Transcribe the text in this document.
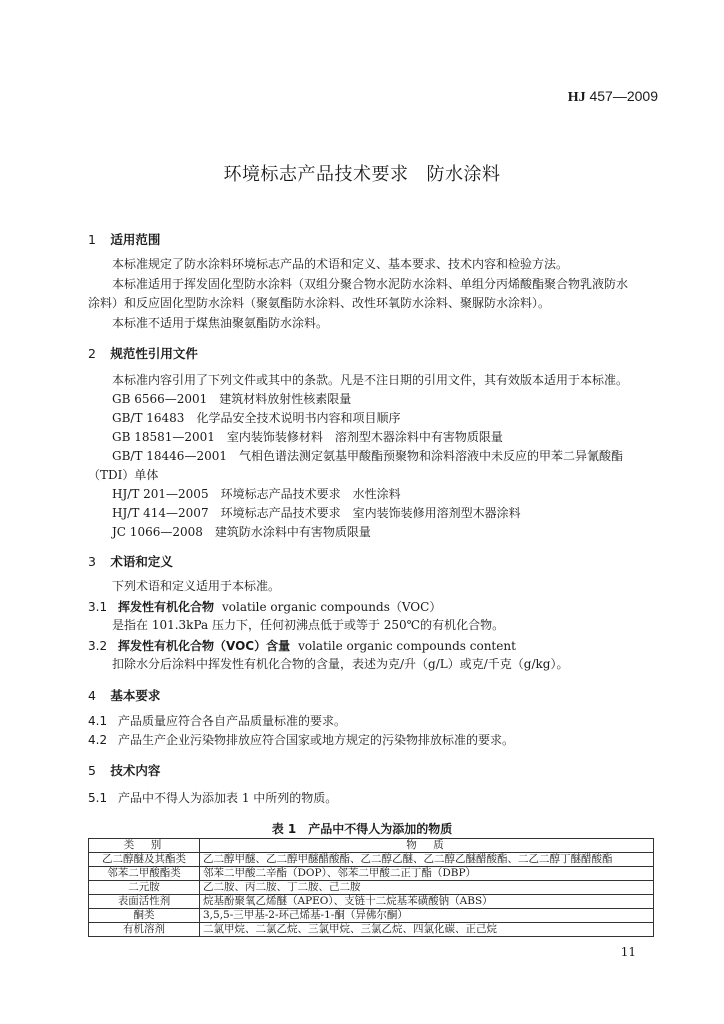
HJ 457—2009
环境标志产品技术要求 防水涂料
1 适用范围
本标准规定了防水涂料环境标志产品的术语和定义、基本要求、技术内容和检验方法。
本标准适用于挥发固化型防水涂料（双组分聚合物水泥防水涂料、单组分丙烯酸酯聚合物乳液防水
涂料）和反应固化型防水涂料（聚氨酯防水涂料、改性环氧防水涂料、聚脲防水涂料）。
本标准不适用于煤焦油聚氨酯防水涂料。
2 规范性引用文件
本标准内容引用了下列文件或其中的条款。凡是不注日期的引用文件，其有效版本适用于本标准。
GB 6566—2001　建筑材料放射性核素限量
GB/T 16483　化学品安全技术说明书内容和项目顺序
GB 18581—2001　室内装饰装修材料　溶剂型木器涂料中有害物质限量
GB/T 18446—2001　气相色谱法测定氨基甲酸酯预聚物和涂料溶液中未反应的甲苯二异氰酸酯
（TDI）单体
HJ/T 201—2005　环境标志产品技术要求　水性涂料
HJ/T 414—2007　环境标志产品技术要求　室内装饰装修用溶剂型木器涂料
JC 1066—2008　建筑防水涂料中有害物质限量
3 术语和定义
下列术语和定义适用于本标准。
3.1 挥发性有机化合物 volatile organic compounds（VOC）
是指在 101.3kPa 压力下，任何初沸点低于或等于 250℃的有机化合物。
3.2 挥发性有机化合物（VOC）含量 volatile organic compounds content
扣除水分后涂料中挥发性有机化合物的含量，表述为克/升（g/L）或克/千克（g/kg）。
4 基本要求
4.1 产品质量应符合各自产品质量标准的要求。
4.2 产品生产企业污染物排放应符合国家或地方规定的污染物排放标准的要求。
5 技术内容
5.1 产品中不得人为添加表 1 中所列的物质。
表 1　产品中不得人为添加的物质
类　别	物　质
乙二醇醚及其酯类	乙二醇甲醚、乙二醇甲醚醋酸酯、乙二醇乙醚、乙二醇乙醚醋酸酯、二乙二醇丁醚醋酸酯
邻苯二甲酸酯类	邻苯二甲酸二辛酯（DOP）、邻苯二甲酸二正丁酯（DBP）
二元胺	乙二胺、丙二胺、丁二胺、己二胺
表面活性剂	烷基酚聚氧乙烯醚（APEO）、支链十二烷基苯磺酸钠（ABS）
酮类	3,5,5-三甲基-2-环己烯基-1-酮（异佛尔酮）
有机溶剂	二氯甲烷、二氯乙烷、三氯甲烷、三氯乙烷、四氯化碳、正己烷
11
